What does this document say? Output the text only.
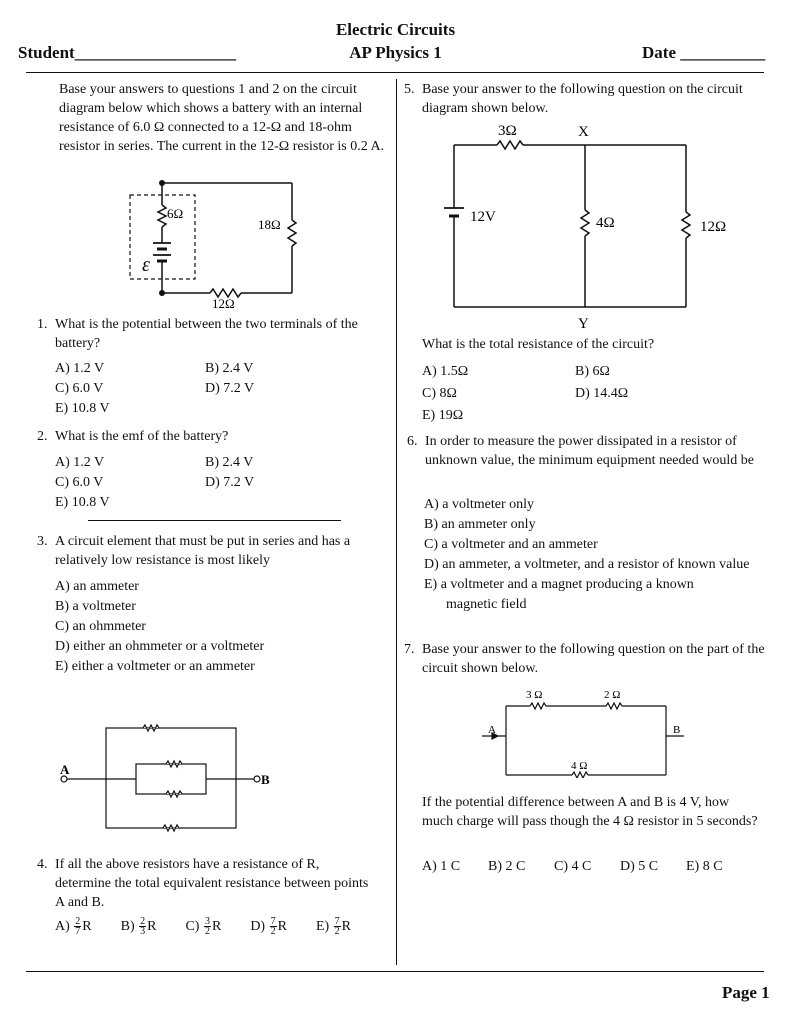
Electric Circuits
Student___________________	AP Physics 1	Date __________
Base your answers to questions 1 and 2 on the circuit diagram below which shows a battery with an internal resistance of 6.0 Ω connected to a 12-Ω and 18-ohm resistor in series. The current in the 12-Ω resistor is 0.2 A.
6Ω
18Ω
12Ω
ε
1. What is the potential between the two terminals of the battery?
A) 1.2 V	B) 2.4 V
C) 6.0 V	D) 7.2 V
E) 10.8 V
2. What is the emf of the battery?
A) 1.2 V	B) 2.4 V
C) 6.0 V	D) 7.2 V
E) 10.8 V
3. A circuit element that must be put in series and has a relatively low resistance is most likely
A) an ammeter
B) a voltmeter
C) an ohmmeter
D) either an ohmmeter or a voltmeter
E) either a voltmeter or an ammeter
A
B
4. If all the above resistors have a resistance of R, determine the total equivalent resistance between points A and B.
$A) \frac{2}{7}$ R $B) \frac{2}{3}$ R $C) \frac{3}{2}$ R $D) \frac{7}{2}$ R $E) \frac{7}{2}$ R
5. Base your answer to the following question on the circuit diagram shown below.
3Ω	X
12V	4Ω	12Ω
Y
What is the total resistance of the circuit?
A) 1.5Ω	B) 6Ω
C) 8Ω	D) 14.4Ω
E) 19Ω
6. In order to measure the power dissipated in a resistor of unknown value, the minimum equipment needed would be
A) a voltmeter only
B) an ammeter only
C) a voltmeter and an ammeter
D) an ammeter, a voltmeter, and a resistor of known value
E) a voltmeter and a magnet producing a known magnetic field
7. Base your answer to the following question on the part of the circuit shown below.
3 Ω	2 Ω
4 Ω
A	B
If the potential difference between A and B is 4 V, how much charge will pass though the 4 Ω resistor in 5 seconds?
A) 1 C B) 2 C C) 4 C D) 5 C E) 8 C
Page 1
